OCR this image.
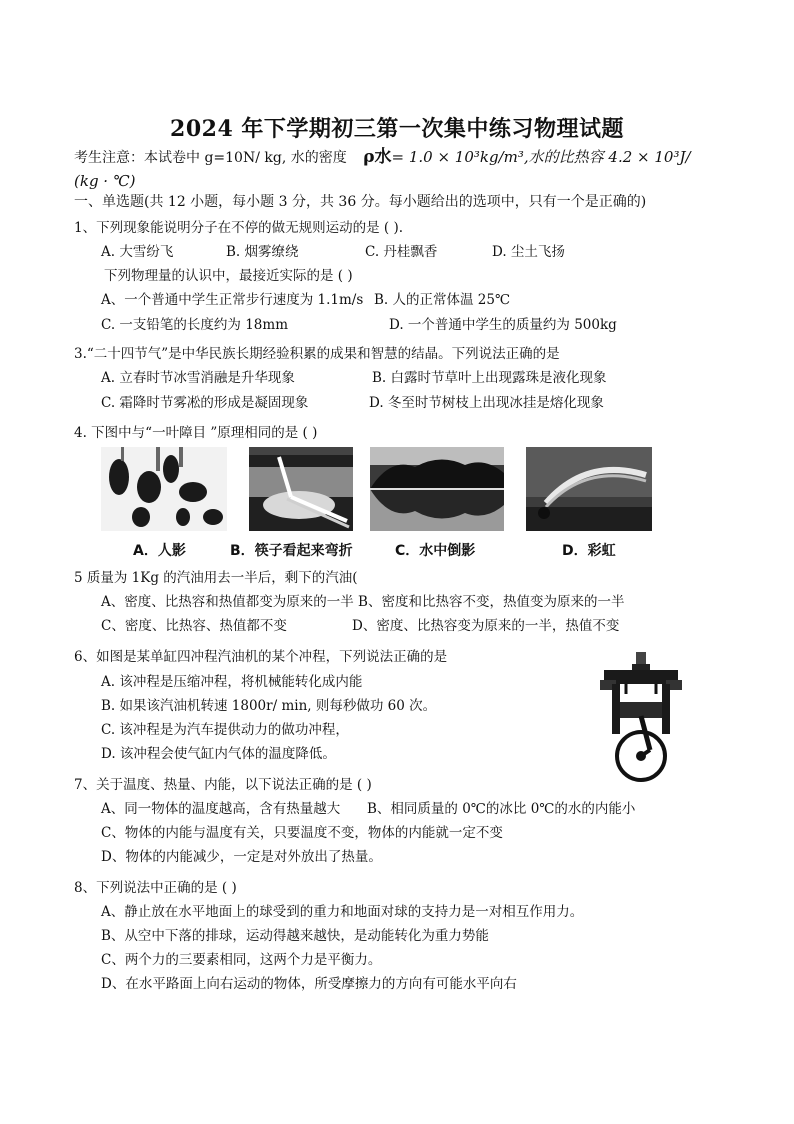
2024 年下学期初三第一次集中练习物理试题
考生注意：本试卷中 g=10N/ kg, 水的密度 ρ水= 1.0 × 10³kg/m³,水的比热容 4.2 × 10³J/
(kg · ℃)
一、单选题(共 12 小题，每小题 3 分，共 36 分。每小题给出的选项中，只有一个是正确的)
1、下列现象能说明分子在不停的做无规则运动的是 ( ).
A. 大雪纷飞	B. 烟雾缭绕	C. 丹桂飘香	D. 尘土飞扬
下列物理量的认识中，最接近实际的是 ( )
A、一个普通中学生正常步行速度为 1.1m/s B. 人的正常体温 25℃
C. 一支铅笔的长度约为 18mm	D. 一个普通中学生的质量约为 500kg
3.“二十四节气”是中华民族长期经验积累的成果和智慧的结晶。下列说法正确的是
A. 立春时节冰雪消融是升华现象	B. 白露时节草叶上出现露珠是液化现象
C. 霜降时节雾凇的形成是凝固现象	D. 冬至时节树枝上出现冰挂是熔化现象
4. 下图中与“一叶障目 ”原理相同的是 ( )
A．人影	B．筷子看起来弯折	C．水中倒影	D．彩虹
5 质量为 1Kg 的汽油用去一半后，剩下的汽油(
A、密度、比热容和热值都变为原来的一半 B、密度和比热容不变，热值变为原来的一半
C、密度、比热容、热值都不变	D、密度、比热容变为原来的一半，热值不变
6、如图是某单缸四冲程汽油机的某个冲程，下列说法正确的是
A. 该冲程是压缩冲程，将机械能转化成内能
B. 如果该汽油机转速 1800r/ min, 则每秒做功 60 次。
C. 该冲程是为汽车提供动力的做功冲程，
D. 该冲程会使气缸内气体的温度降低。
7、关于温度、热量、内能，以下说法正确的是 ( )
A、同一物体的温度越高，含有热量越大 B、相同质量的 0℃的冰比 0℃的水的内能小
C、物体的内能与温度有关，只要温度不变，物体的内能就一定不变
D、物体的内能减少，一定是对外放出了热量。
8、下列说法中正确的是 ( )
A、静止放在水平地面上的球受到的重力和地面对球的支持力是一对相互作用力。
B、从空中下落的排球，运动得越来越快，是动能转化为重力势能
C、两个力的三要素相同，这两个力是平衡力。
D、在水平路面上向右运动的物体，所受摩擦力的方向有可能水平向右
